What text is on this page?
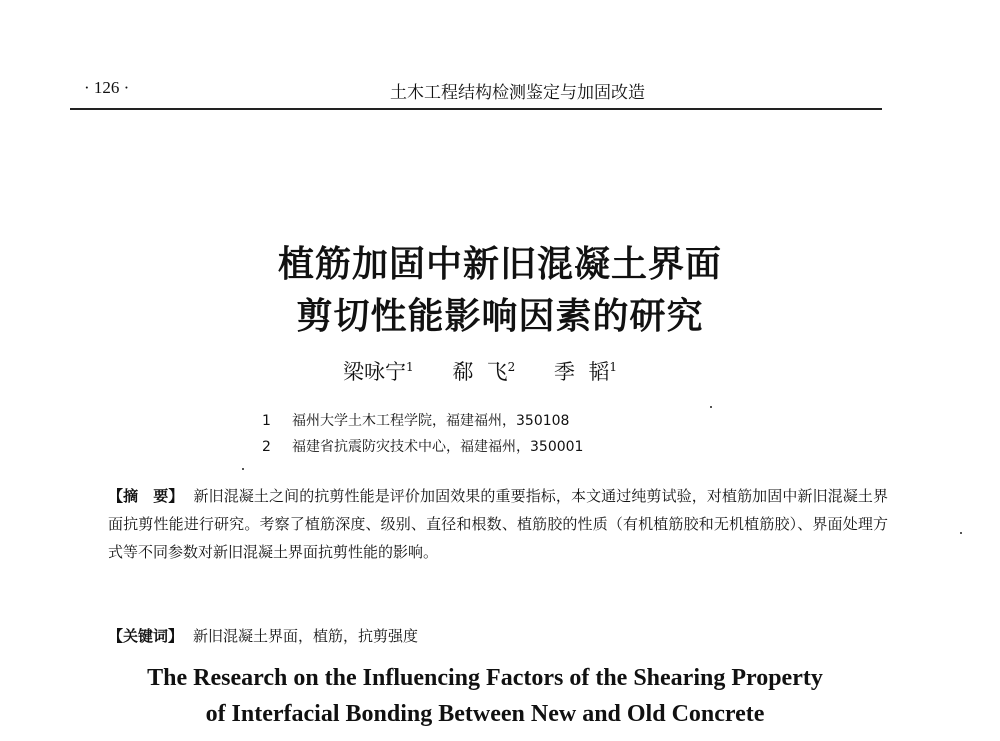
· 126 ·	土木工程结构检测鉴定与加固改造
植筋加固中新旧混凝土界面
剪切性能影响因素的研究
梁咏宁$^1$ 郗  飞$^2$ 季  韬$^1$
1 福州大学土木工程学院，福建福州，350108
2 福建省抗震防灾技术中心，福建福州，350001
【摘　要】 新旧混凝土之间的抗剪性能是评价加固效果的重要指标，本文通过纯剪试验，对植筋加固中新旧混凝土界面抗剪性能进行研究。考察了植筋深度、级别、直径和根数、植筋胶的性质（有机植筋胶和无机植筋胶）、界面处理方式等不同参数对新旧混凝土界面抗剪性能的影响。
【关键词】 新旧混凝土界面，植筋，抗剪强度
The Research on the Influencing Factors of the Shearing Property
of Interfacial Bonding Between New and Old Concrete
